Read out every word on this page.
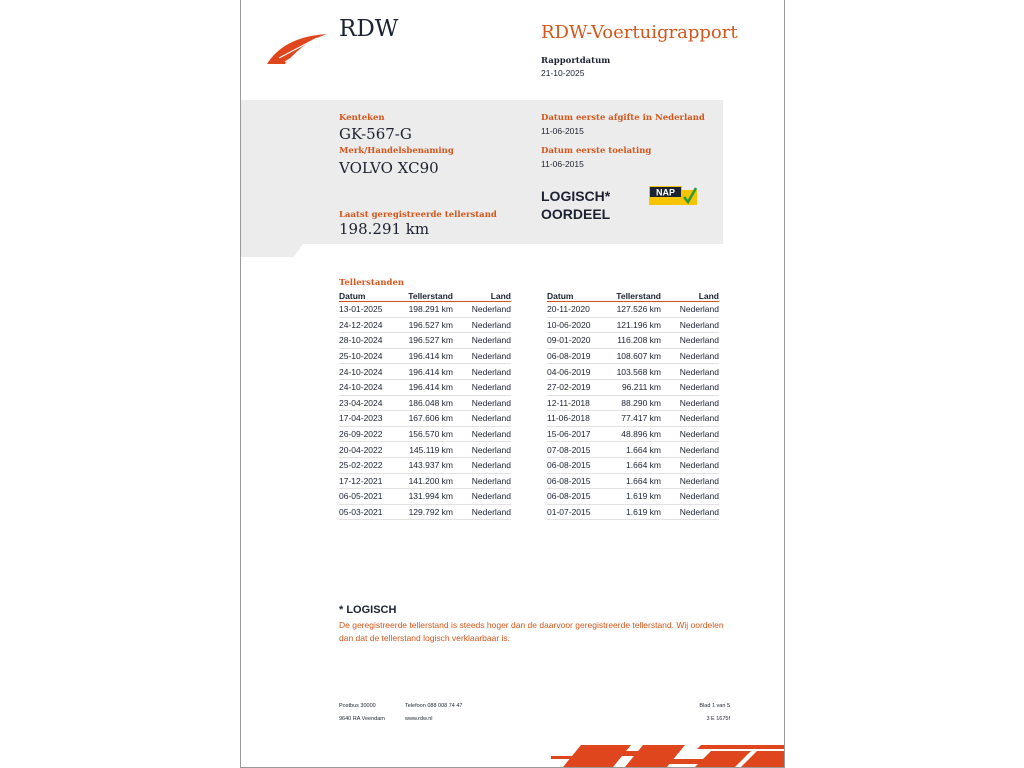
RDW	RDW-Voertuigrapport
Rapportdatum
21-10-2025
Kenteken
GK-567-G
Merk/Handelsbenaming
VOLVO XC90
Laatst geregistreerde tellerstand
198.291 km
Datum eerste afgifte in Nederland
11-06-2015
Datum eerste toelating
11-06-2015
LOGISCH*
OORDEEL
NAP
Tellerstanden
Datum	Tellerstand	Land
13-01-2025	198.291 km	Nederland
24-12-2024	196.527 km	Nederland
28-10-2024	196.527 km	Nederland
25-10-2024	196.414 km	Nederland
24-10-2024	196.414 km	Nederland
24-10-2024	196.414 km	Nederland
23-04-2024	186.048 km	Nederland
17-04-2023	167.606 km	Nederland
26-09-2022	156.570 km	Nederland
20-04-2022	145.119 km	Nederland
25-02-2022	143.937 km	Nederland
17-12-2021	141.200 km	Nederland
06-05-2021	131.994 km	Nederland
05-03-2021	129.792 km	Nederland
Datum	Tellerstand	Land
20-11-2020	127.526 km	Nederland
10-06-2020	121.196 km	Nederland
09-01-2020	116.208 km	Nederland
06-08-2019	108.607 km	Nederland
04-06-2019	103.568 km	Nederland
27-02-2019	96.211 km	Nederland
12-11-2018	88.290 km	Nederland
11-06-2018	77.417 km	Nederland
15-06-2017	48.896 km	Nederland
07-08-2015	1.664 km	Nederland
06-08-2015	1.664 km	Nederland
06-08-2015	1.664 km	Nederland
06-08-2015	1.619 km	Nederland
01-07-2015	1.619 km	Nederland
* LOGISCH
De geregistreerde tellerstand is steeds hoger dan de daarvoor geregistreerde tellerstand. Wij oordelen dan dat de tellerstand logisch verklaarbaar is.
Postbus 30000
9640 RA Veendam
Telefoon 088 008 74 47
www.rdw.nl
Blad 1 van 5
3 E 1675f
